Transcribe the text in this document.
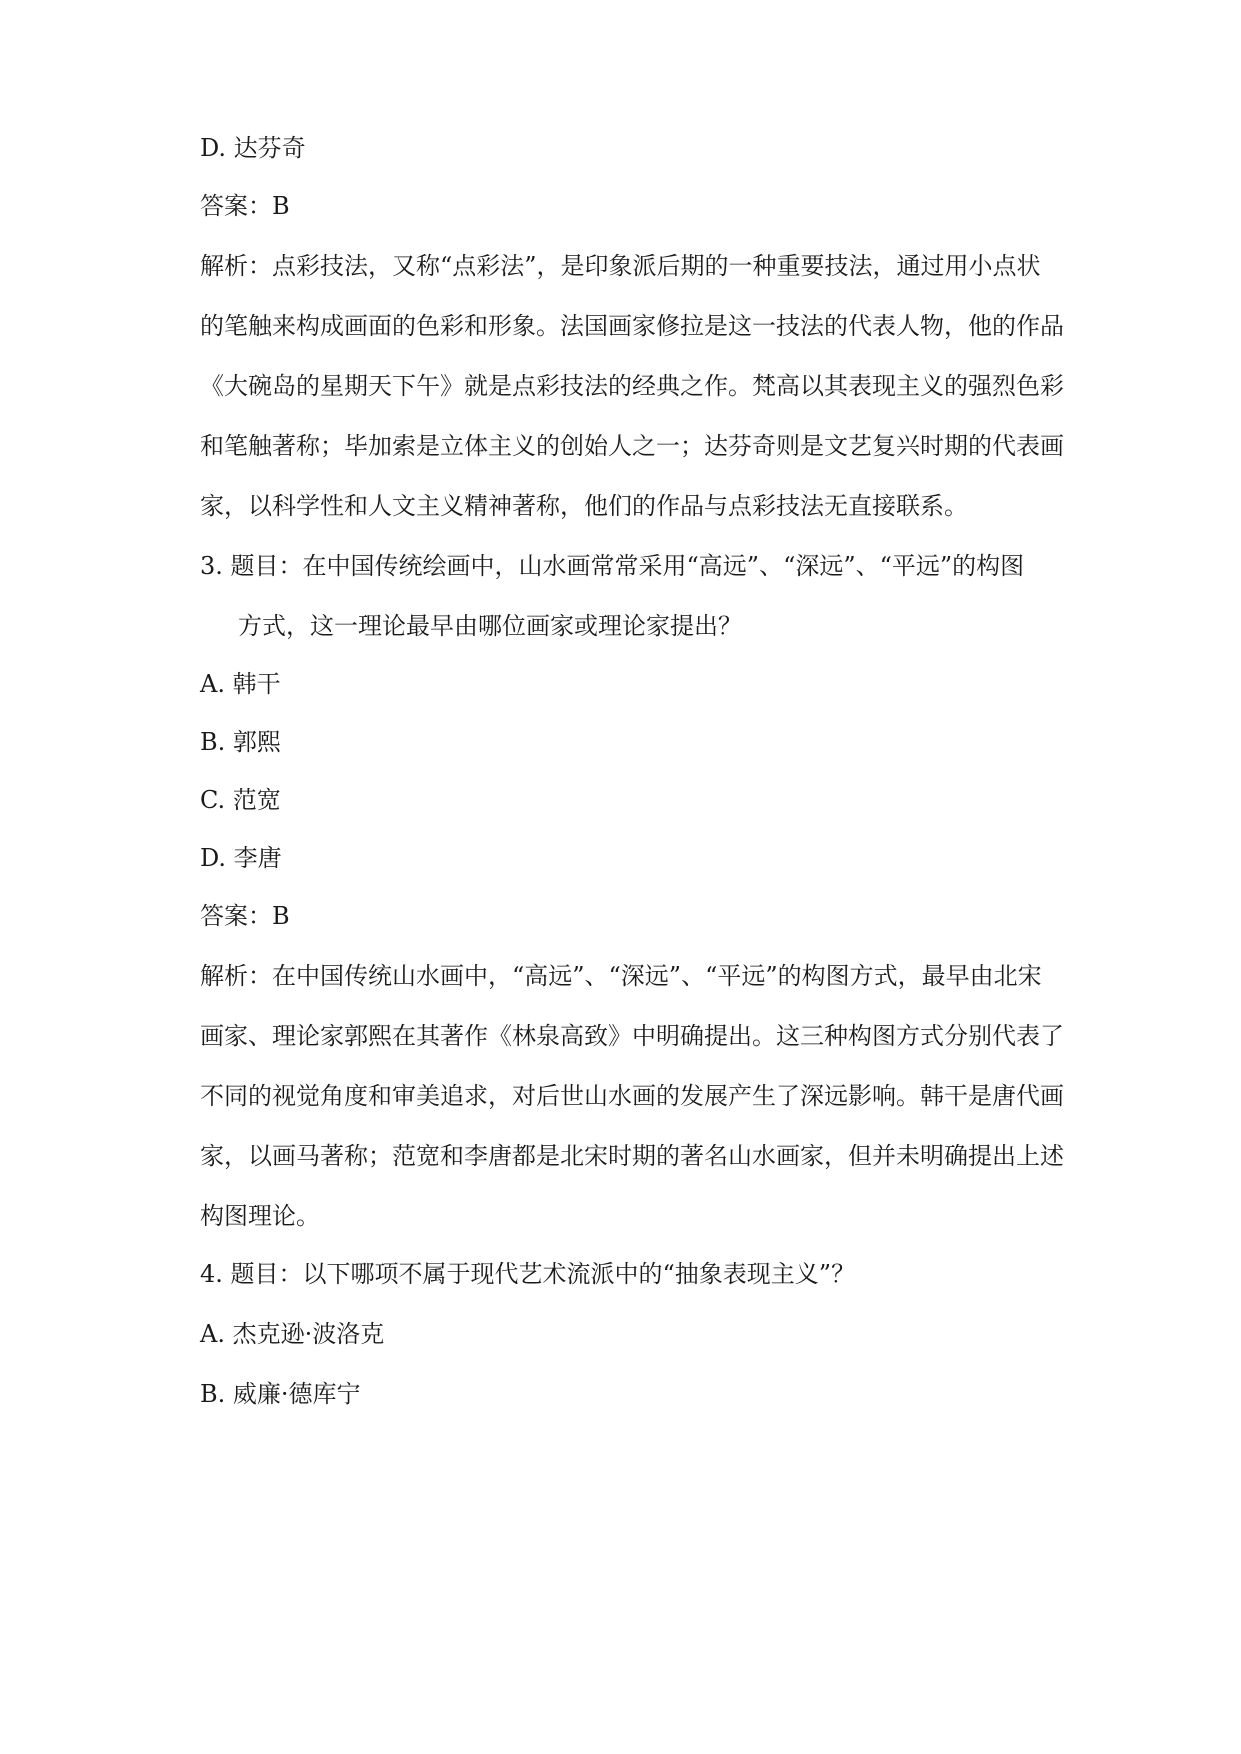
D. 达芬奇
答案：B
解析：点彩技法，又称“点彩法”，是印象派后期的一种重要技法，通过用小点状
的笔触来构成画面的色彩和形象。法国画家修拉是这一技法的代表人物，他的作品
《大碗岛的星期天下午》就是点彩技法的经典之作。梵高以其表现主义的强烈色彩
和笔触著称；毕加索是立体主义的创始人之一；达芬奇则是文艺复兴时期的代表画
家，以科学性和人文主义精神著称，他们的作品与点彩技法无直接联系。
3. 题目：在中国传统绘画中，山水画常常采用“高远”、“深远”、“平远”的构图
方式，这一理论最早由哪位画家或理论家提出？
A. 韩干
B. 郭熙
C. 范宽
D. 李唐
答案：B
解析：在中国传统山水画中，“高远”、“深远”、“平远”的构图方式，最早由北宋
画家、理论家郭熙在其著作《林泉高致》中明确提出。这三种构图方式分别代表了
不同的视觉角度和审美追求，对后世山水画的发展产生了深远影响。韩干是唐代画
家，以画马著称；范宽和李唐都是北宋时期的著名山水画家，但并未明确提出上述
构图理论。
4. 题目：以下哪项不属于现代艺术流派中的“抽象表现主义”？
A. 杰克逊·波洛克
B. 威廉·德库宁
